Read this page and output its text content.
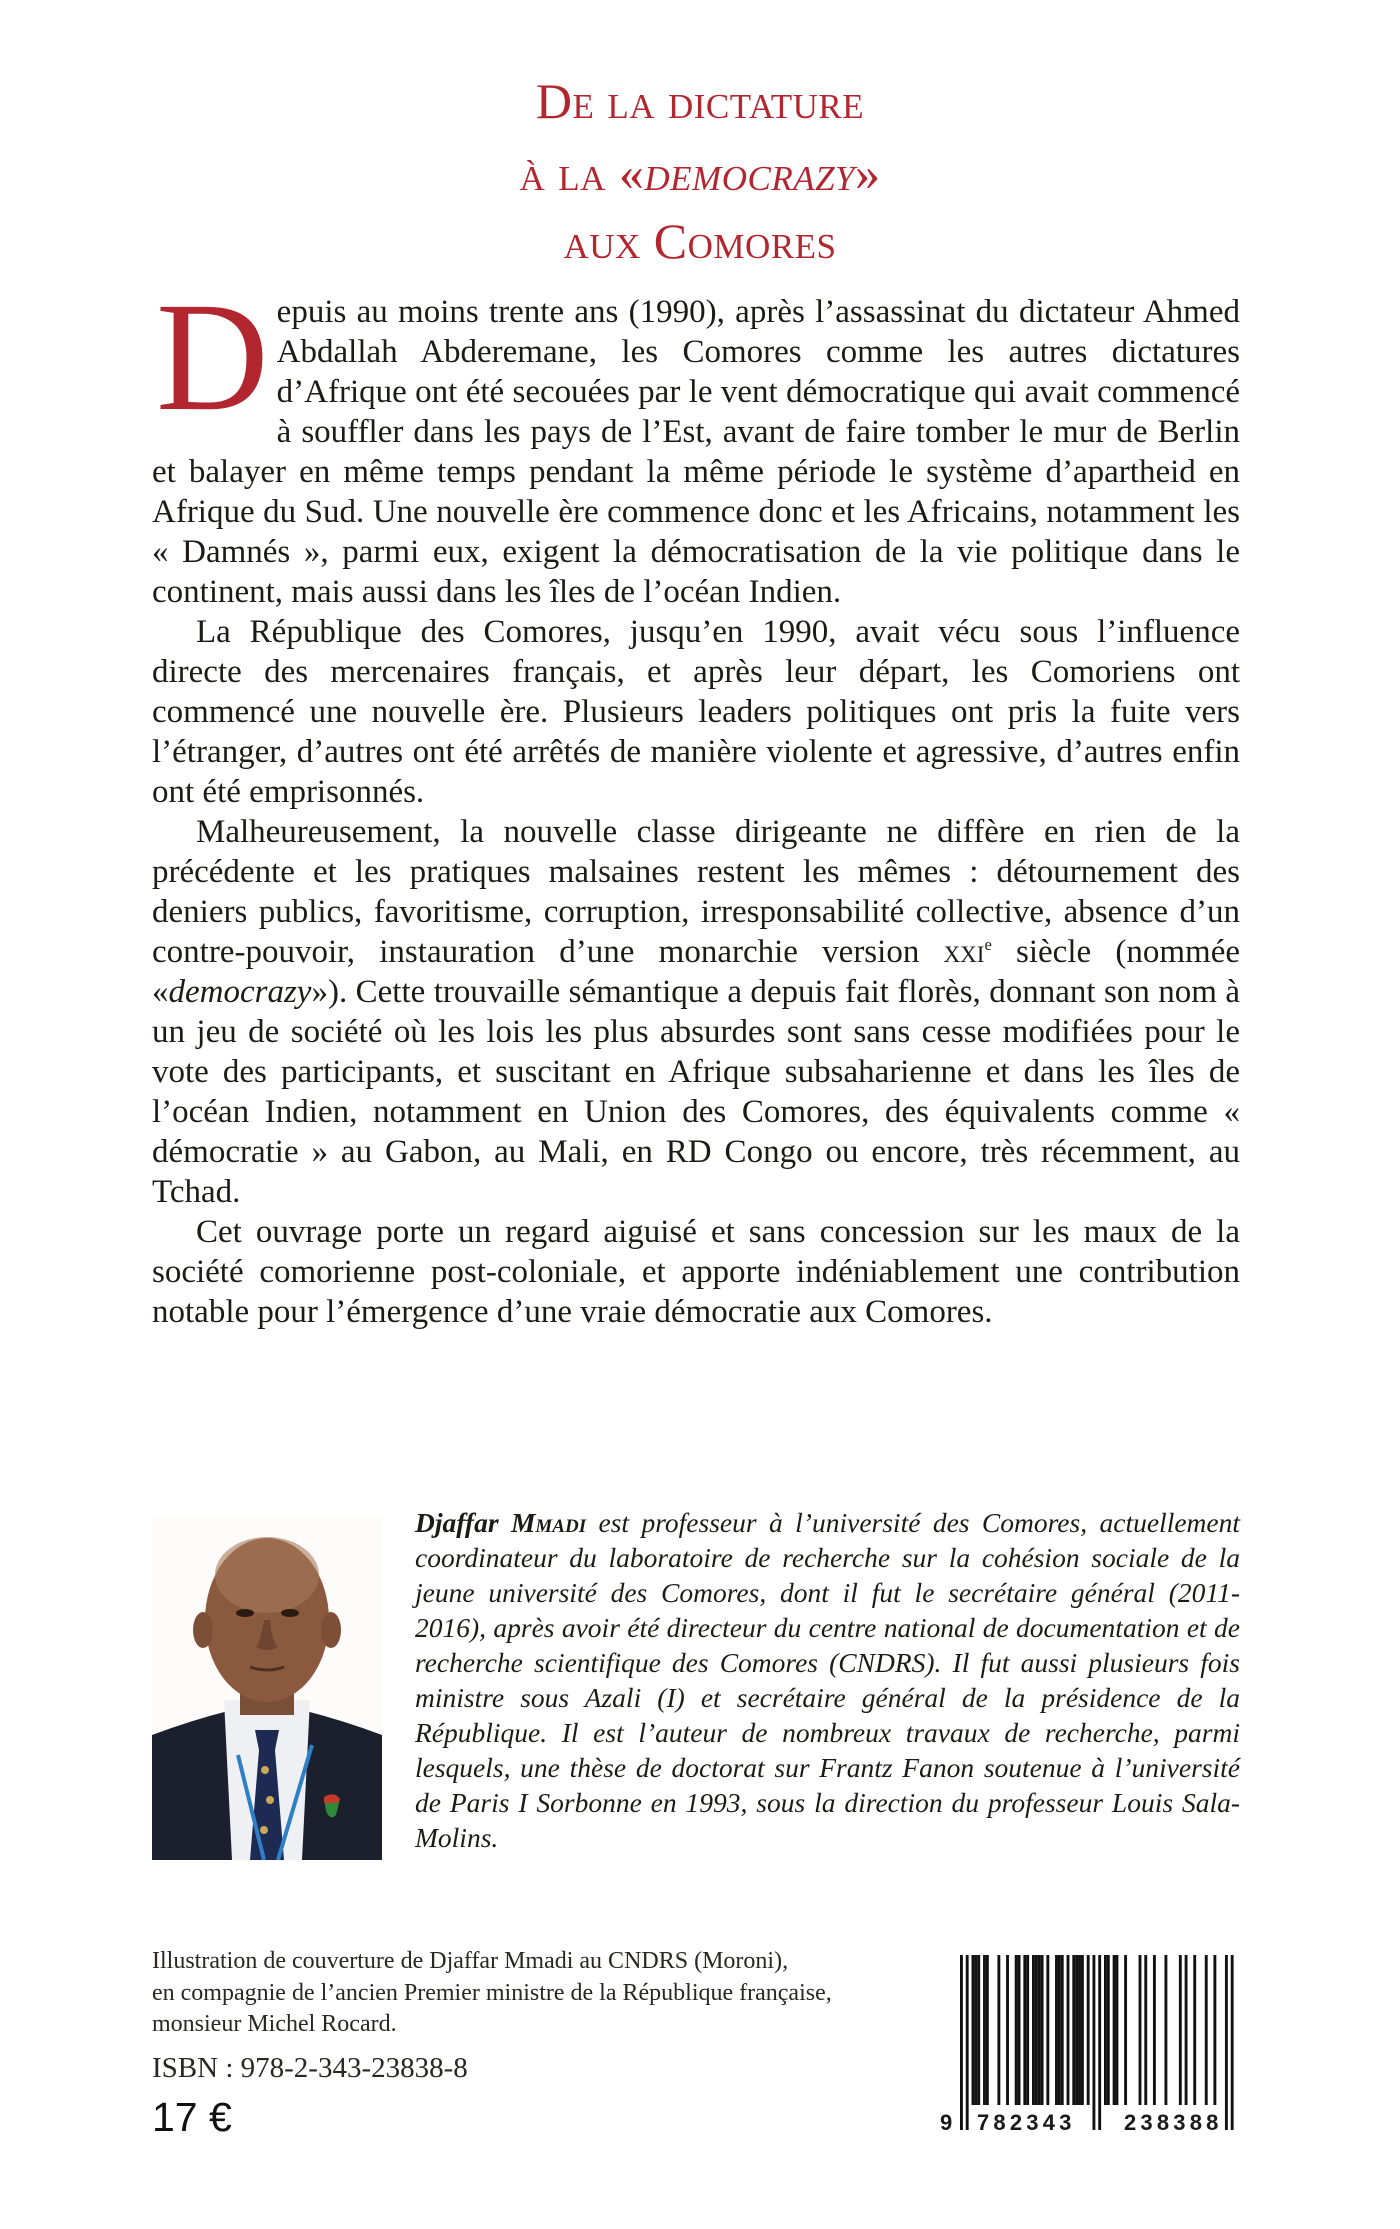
De la dictature
à la «democrazy»
aux Comores

Depuis au moins trente ans (1990), après l’assassinat du dictateur Ahmed Abdallah Abderemane, les Comores comme les autres dictatures d’Afrique ont été secouées par le vent démocratique qui avait commencé à souffler dans les pays de l’Est, avant de faire tomber le mur de Berlin et balayer en même temps pendant la même période le système d’apartheid en Afrique du Sud. Une nouvelle ère commence donc et les Africains, notamment les « Damnés », parmi eux, exigent la démocratisation de la vie politique dans le continent, mais aussi dans les îles de l’océan Indien.

La République des Comores, jusqu’en 1990, avait vécu sous l’influence directe des mercenaires français, et après leur départ, les Comoriens ont commencé une nouvelle ère. Plusieurs leaders politiques ont pris la fuite vers l’étranger, d’autres ont été arrêtés de manière violente et agressive, d’autres enfin ont été emprisonnés.

Malheureusement, la nouvelle classe dirigeante ne diffère en rien de la précédente et les pratiques malsaines restent les mêmes : détournement des deniers publics, favoritisme, corruption, irresponsabilité collective, absence d’un contre-pouvoir, instauration d’une monarchie version xxi$^e$ siècle (nommée «democrazy»). Cette trouvaille sémantique a depuis fait florès, donnant son nom à un jeu de société où les lois les plus absurdes sont sans cesse modifiées pour le vote des participants, et suscitant en Afrique subsaharienne et dans les îles de l’océan Indien, notamment en Union des Comores, des équivalents comme « démocratie » au Gabon, au Mali, en RD Congo ou encore, très récemment, au Tchad.

Cet ouvrage porte un regard aiguisé et sans concession sur les maux de la société comorienne post-coloniale, et apporte indéniablement une contribution notable pour l’émergence d’une vraie démocratie aux Comores.

Djaffar Mmadi est professeur à l’université des Comores, actuellement coordinateur du laboratoire de recherche sur la cohésion sociale de la jeune université des Comores, dont il fut le secrétaire général (2011-2016), après avoir été directeur du centre national de documentation et de recherche scientifique des Comores (CNDRS). Il fut aussi plusieurs fois ministre sous Azali (I) et secrétaire général de la présidence de la République. Il est l’auteur de nombreux travaux de recherche, parmi lesquels, une thèse de doctorat sur Frantz Fanon soutenue à l’université de Paris I Sorbonne en 1993, sous la direction du professeur Louis Sala-Molins.
Illustration de couverture de Djaffar Mmadi au CNDRS (Moroni),
en compagnie de l’ancien Premier ministre de la République française,
monsieur Michel Rocard.
ISBN : 978-2-343-23838-8
17 €	9 782343 238388
